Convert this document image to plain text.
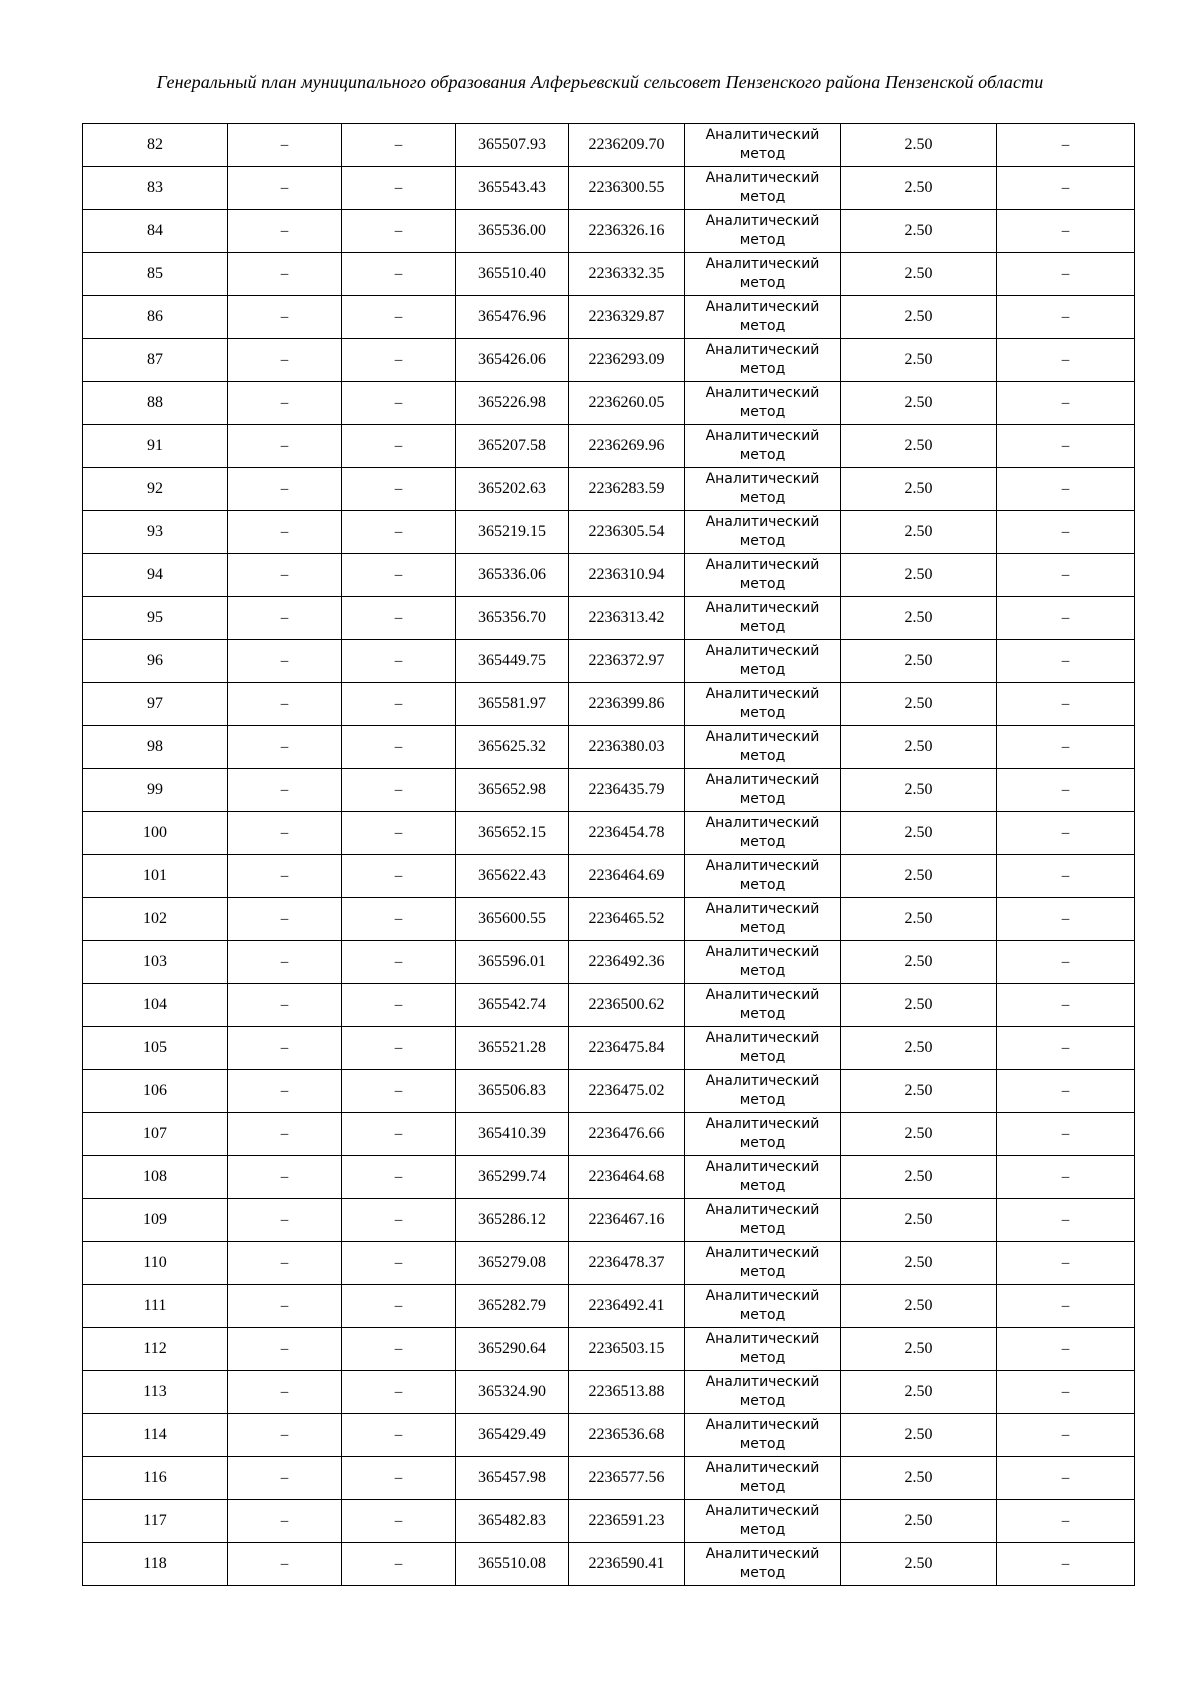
Генеральный план муниципального образования Алферьевский сельсовет Пензенского района Пензенской области
82	–	–	365507.93	2236209.70	Аналитический метод	2.50	–
83	–	–	365543.43	2236300.55	Аналитический метод	2.50	–
84	–	–	365536.00	2236326.16	Аналитический метод	2.50	–
85	–	–	365510.40	2236332.35	Аналитический метод	2.50	–
86	–	–	365476.96	2236329.87	Аналитический метод	2.50	–
87	–	–	365426.06	2236293.09	Аналитический метод	2.50	–
88	–	–	365226.98	2236260.05	Аналитический метод	2.50	–
91	–	–	365207.58	2236269.96	Аналитический метод	2.50	–
92	–	–	365202.63	2236283.59	Аналитический метод	2.50	–
93	–	–	365219.15	2236305.54	Аналитический метод	2.50	–
94	–	–	365336.06	2236310.94	Аналитический метод	2.50	–
95	–	–	365356.70	2236313.42	Аналитический метод	2.50	–
96	–	–	365449.75	2236372.97	Аналитический метод	2.50	–
97	–	–	365581.97	2236399.86	Аналитический метод	2.50	–
98	–	–	365625.32	2236380.03	Аналитический метод	2.50	–
99	–	–	365652.98	2236435.79	Аналитический метод	2.50	–
100	–	–	365652.15	2236454.78	Аналитический метод	2.50	–
101	–	–	365622.43	2236464.69	Аналитический метод	2.50	–
102	–	–	365600.55	2236465.52	Аналитический метод	2.50	–
103	–	–	365596.01	2236492.36	Аналитический метод	2.50	–
104	–	–	365542.74	2236500.62	Аналитический метод	2.50	–
105	–	–	365521.28	2236475.84	Аналитический метод	2.50	–
106	–	–	365506.83	2236475.02	Аналитический метод	2.50	–
107	–	–	365410.39	2236476.66	Аналитический метод	2.50	–
108	–	–	365299.74	2236464.68	Аналитический метод	2.50	–
109	–	–	365286.12	2236467.16	Аналитический метод	2.50	–
110	–	–	365279.08	2236478.37	Аналитический метод	2.50	–
111	–	–	365282.79	2236492.41	Аналитический метод	2.50	–
112	–	–	365290.64	2236503.15	Аналитический метод	2.50	–
113	–	–	365324.90	2236513.88	Аналитический метод	2.50	–
114	–	–	365429.49	2236536.68	Аналитический метод	2.50	–
116	–	–	365457.98	2236577.56	Аналитический метод	2.50	–
117	–	–	365482.83	2236591.23	Аналитический метод	2.50	–
118	–	–	365510.08	2236590.41	Аналитический метод	2.50	–
